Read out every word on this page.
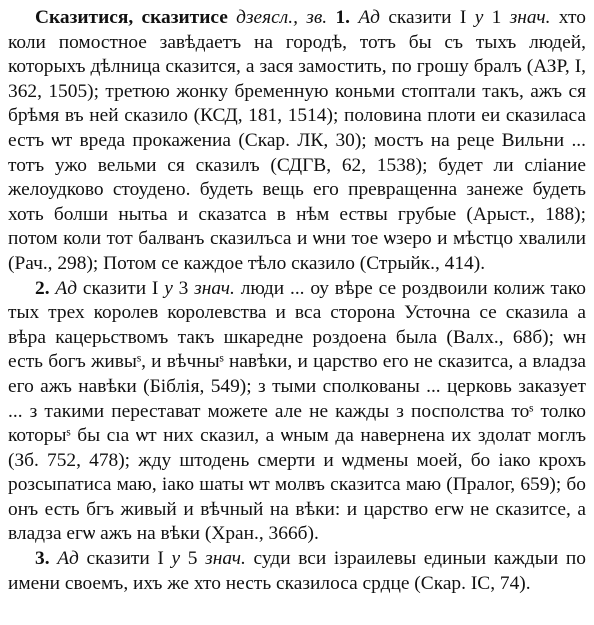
Сказитися, сказитисе дзеясл., зв. 1. Ад сказити I у 1 знач. хто коли помостное завѣдаетъ на городѣ, тотъ бы съ тыхъ людей, которыхъ дѣлница сказится, а зася замостить, по грошу бралъ (АЗР, I, 362, 1505); третюю жонку бременную коньми стоптали такъ, ажъ ся брѣмя въ ней сказило (КСД, 181, 1514); половина плоти еи сказиласа естъ ѡт вреда прокажениа (Скар. ЛК, 30); мостъ на реце Вильни ... тотъ ужо вельми ся сказилъ (СДГВ, 62, 1538); будет ли сліание желоудково стоудено. будеть вещь его превращенна занеже будеть хоть болши нытьа и сказатса в нѣм ествы грубые (Арыст., 188); потом коли тот балванъ сказилъса и ѡни тое ѡзеро и мѣстцо хвалили (Рач., 298); Потом се каждое тѣло сказило (Стрыйк., 414).

2. Ад сказити I у 3 знач. люди ... оу вѣре се роздвоили колиж тако тых трех королев королевства и вса сторона Усточна се сказила а вѣра кацерьствомъ такъ шкаредне роздоена была (Валх., 68б); ѡн есть богъ живыˢ, и вѣчныˢ навѣки, и царство его не сказитса, а владза его ажъ навѣки (Біблія, 549); з тыми сполкованы ... церковь заказует ... з такими перестават можете але не кажды з посполства тоˢ толко которыˢ бы сıа ѡт них сказил, а ѡным да навернена их здолат моглъ (Зб. 752, 478); жду штодень смерти и ѡдмены моей, бо іако крохъ розсыпатиса маю, іако шаты ѡт молвъ сказитса маю (Пралог, 659); бо онъ есть бгъ живый и вѣчный на вѣки: и царство егѡ не сказитсе, а владза егѡ ажъ на вѣки (Хран., 366б).

3. Ад сказити I у 5 знач. суди вси ізраилевы единыи каждыи по имени своемъ, ихъ же хто несть сказилоса срдце (Скар. ІС, 74).
